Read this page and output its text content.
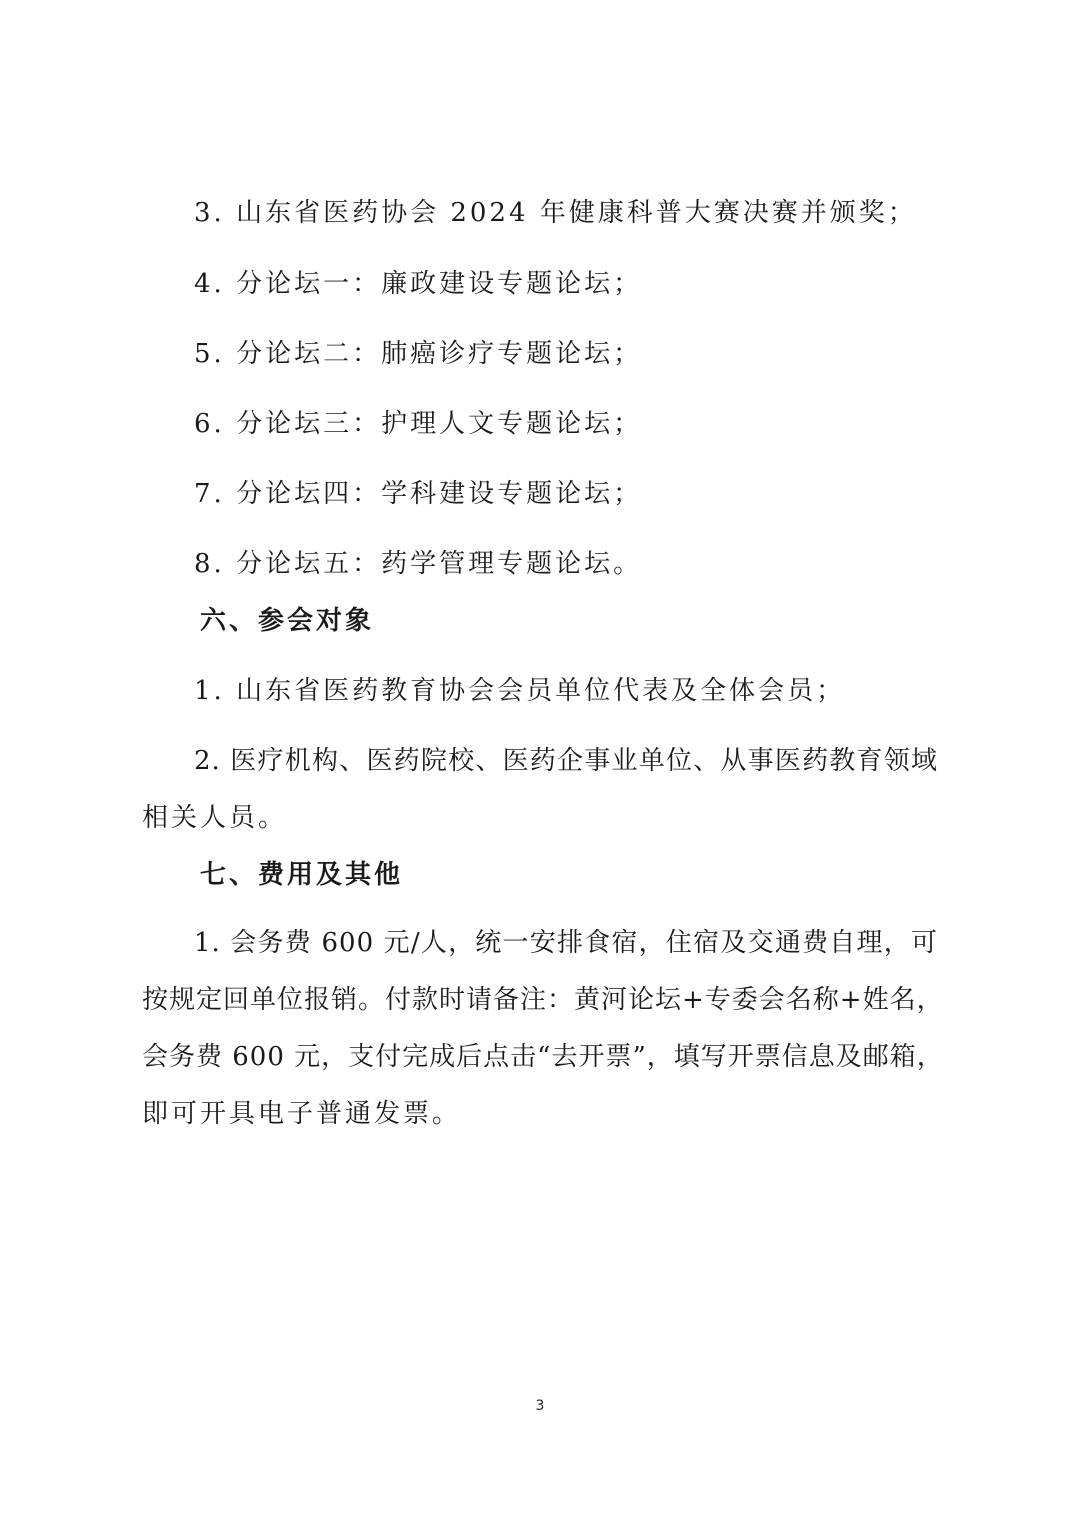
3. 山东省医药协会 2024 年健康科普大赛决赛并颁奖；
4. 分论坛一：廉政建设专题论坛；
5. 分论坛二：肺癌诊疗专题论坛；
6. 分论坛三：护理人文专题论坛；
7. 分论坛四：学科建设专题论坛；
8. 分论坛五：药学管理专题论坛。
六、参会对象
1. 山东省医药教育协会会员单位代表及全体会员；
2. 医疗机构、医药院校、医药企事业单位、从事医药教育领域
相关人员。
七、费用及其他
1. 会务费 600 元/人，统一安排食宿，住宿及交通费自理，可
按规定回单位报销。付款时请备注：黄河论坛+专委会名称+姓名，
会务费 600 元，支付完成后点击“去开票”，填写开票信息及邮箱，
即可开具电子普通发票。
3
